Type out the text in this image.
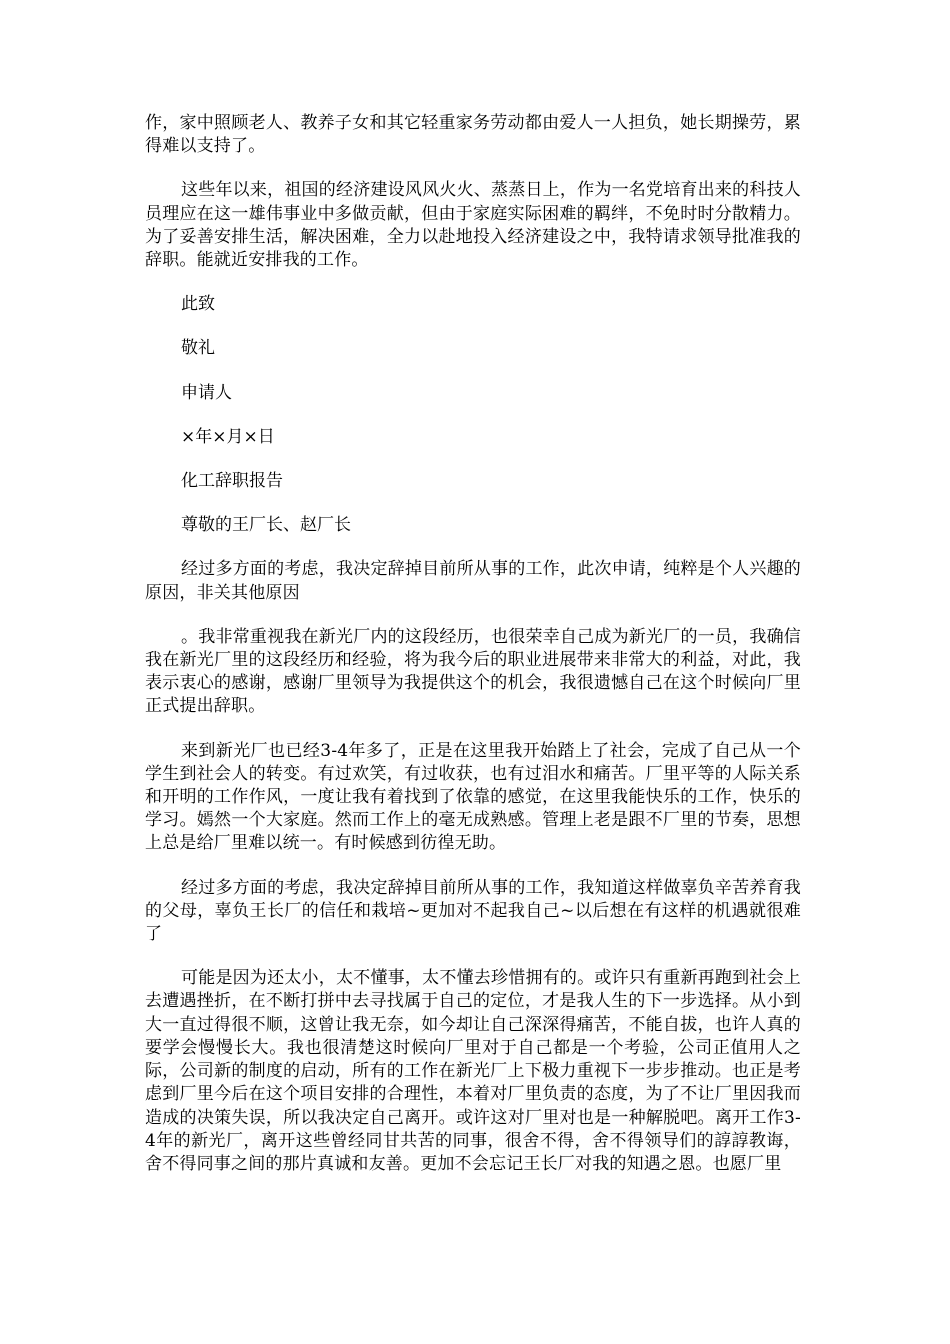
作，家中照顾老人、教养子女和其它轻重家务劳动都由爱人一人担负，她长期操劳，累得难以支持了。

这些年以来，祖国的经济建设风风火火、蒸蒸日上，作为一名党培育出来的科技人员理应在这一雄伟事业中多做贡献，但由于家庭实际困难的羁绊，不免时时分散精力。为了妥善安排生活，解决困难，全力以赴地投入经济建设之中，我特请求领导批准我的辞职。能就近安排我的工作。

此致

敬礼

申请人

×年×月×日

化工辞职报告

尊敬的王厂长、赵厂长

经过多方面的考虑，我决定辞掉目前所从事的工作，此次申请，纯粹是个人兴趣的原因，非关其他原因

。我非常重视我在新光厂内的这段经历，也很荣幸自己成为新光厂的一员，我确信我在新光厂里的这段经历和经验，将为我今后的职业进展带来非常大的利益，对此，我表示衷心的感谢，感谢厂里领导为我提供这个的机会，我很遗憾自己在这个时候向厂里正式提出辞职。

来到新光厂也已经3-4年多了，正是在这里我开始踏上了社会，完成了自己从一个学生到社会人的转变。有过欢笑，有过收获，也有过泪水和痛苦。厂里平等的人际关系和开明的工作作风，一度让我有着找到了依靠的感觉，在这里我能快乐的工作，快乐的学习。嫣然一个大家庭。然而工作上的毫无成熟感。管理上老是跟不厂里的节奏，思想上总是给厂里难以统一。有时候感到彷徨无助。

经过多方面的考虑，我决定辞掉目前所从事的工作，我知道这样做辜负辛苦养育我的父母，辜负王长厂的信任和栽培~更加对不起我自己~以后想在有这样的机遇就很难了

可能是因为还太小，太不懂事，太不懂去珍惜拥有的。或许只有重新再跑到社会上去遭遇挫折，在不断打拼中去寻找属于自己的定位，才是我人生的下一步选择。从小到大一直过得很不顺，这曾让我无奈，如今却让自己深深得痛苦，不能自拔，也许人真的要学会慢慢长大。我也很清楚这时候向厂里对于自己都是一个考验，公司正值用人之际，公司新的制度的启动，所有的工作在新光厂上下极力重视下一步步推动。也正是考虑到厂里今后在这个项目安排的合理性，本着对厂里负责的态度，为了不让厂里因我而造成的决策失误，所以我决定自己离开。或许这对厂里对也是一种解脱吧。离开工作3-4年的新光厂，离开这些曾经同甘共苦的同事，很舍不得，舍不得领导们的諄諄教诲，舍不得同事之间的那片真诚和友善。更加不会忘记王长厂对我的知遇之恩。也愿厂里
